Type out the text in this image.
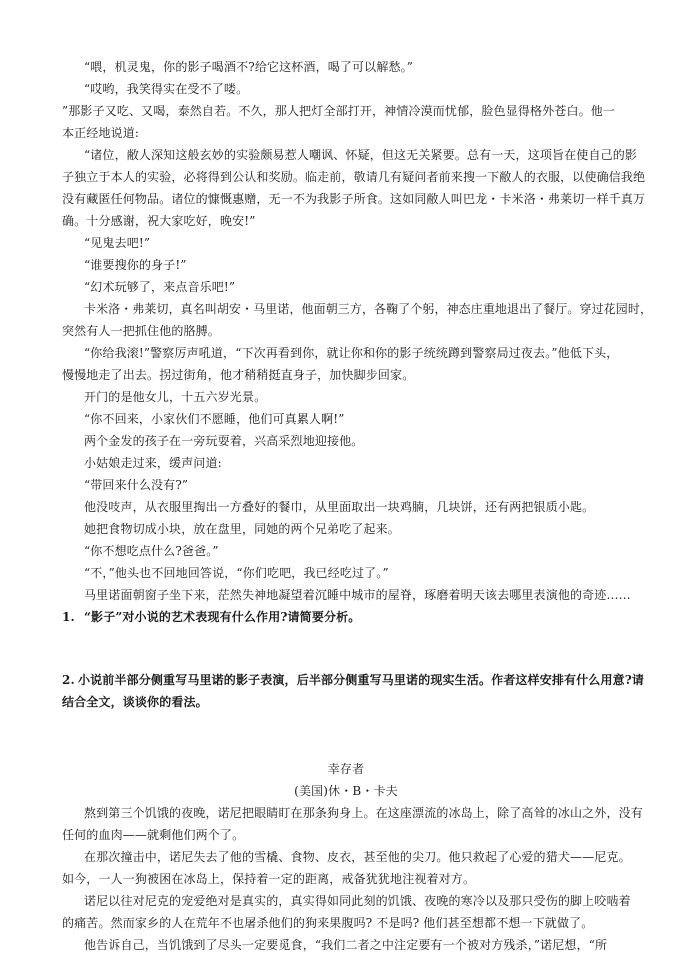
“喂，机灵鬼，你的影子喝酒不?给它这杯酒，喝了可以解愁。”
“哎哟，我笑得实在受不了喽。
”那影子又吃、又喝，泰然自若。不久，那人把灯全部打开，神情冷漠而忧郁，脸色显得格外苍白。他一
本正经地说道:
“诸位，敝人深知这般玄妙的实验颇易惹人嘲讽、怀疑，但这无关紧要。总有一天，这项旨在使自己的影
子独立于本人的实验，必将得到公认和奖励。临走前，敬请几有疑问者前来搜一下敝人的衣服，以使确信我绝
没有藏匿任何物品。诸位的慷慨惠赠，无一不为我影子所食。这如同敝人叫巴龙・卡米洛・弗莱切一样千真万
确。十分感谢，祝大家吃好，晚安!”
“见鬼去吧!”
“谁要搜你的身子!”
“幻术玩够了，来点音乐吧!”
卡米洛・弗莱切，真名叫胡安・马里诺，他面朝三方，各鞠了个躬，神态庄重地退出了餐厅。穿过花园时，
突然有人一把抓住他的胳膊。
“你给我滚!”警察厉声吼道，“下次再看到你，就让你和你的影子统统蹲到警察局过夜去。”他低下头，
慢慢地走了出去。拐过街角，他才稍稍挺直身子，加快脚步回家。
开门的是他女儿，十五六岁光景。
“你不回来，小家伙们不愿睡，他们可真累人啊!”
两个金发的孩子在一旁玩耍着，兴高采烈地迎接他。
小姑娘走过来，缓声问道:
“带回来什么没有?”
他没吱声，从衣服里掏出一方叠好的餐巾，从里面取出一块鸡腩，几块饼，还有两把银质小匙。
她把食物切成小块，放在盘里，同她的两个兄弟吃了起来。
“你不想吃点什么?爸爸。”
“不，”他头也不回地回答说，“你们吃吧，我已经吃过了。”
马里诺面朝窗子坐下来，茫然失神地凝望着沉睡中城市的屋脊，琢磨着明天该去哪里表演他的奇迹……
1. “影子”对小说的艺术表现有什么作用?请简要分析。
2. 小说前半部分侧重写马里诺的影子表演，后半部分侧重写马里诺的现实生活。作者这样安排有什么用意?请
结合全文，谈谈你的看法。
幸存者
(美国)休・B・卡夫
熬到第三个饥饿的夜晚，诺尼把眼睛盯在那条狗身上。在这座漂流的冰岛上，除了高耸的冰山之外，没有
任何的血肉——就剩他们两个了。
在那次撞击中，诺尼失去了他的雪橇、食物、皮衣，甚至他的尖刀。他只救起了心爱的猎犬——尼克。
如今，一人一狗被困在冰岛上，保持着一定的距离，戒备犹犹地注视着对方。
诺尼以往对尼克的宠爱绝对是真实的，真实得如同此刻的饥饿、夜晚的寒冷以及那只受伤的脚上咬啮着
的痛苦。然而家乡的人在荒年不也屠杀他们的狗来果腹吗? 不是吗? 他们甚至想都不想一下就做了。
他告诉自己，当饥饿到了尽头一定要觅食，“我们二者之中注定要有一个被对方残杀，”诺尼想，“所
